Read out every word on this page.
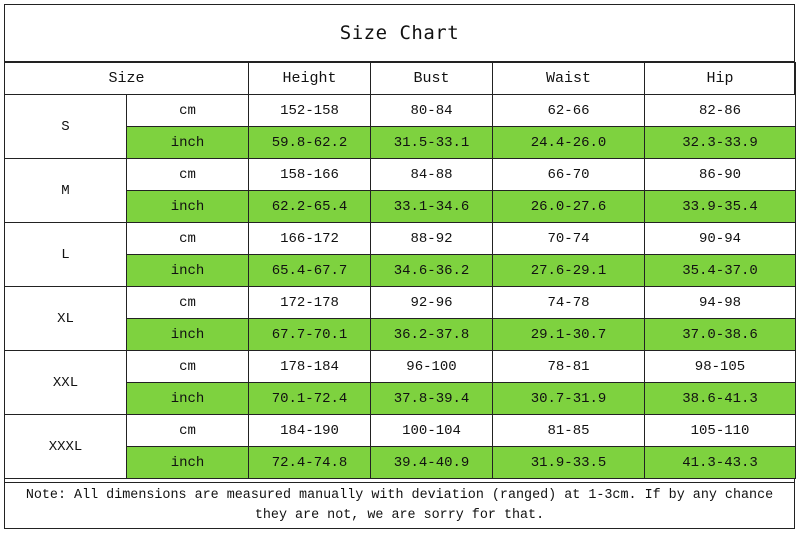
Size Chart
Size		Height	Bust	Waist	Hip
S	cm	152-158	80-84	62-66	82-86
	inch	59.8-62.2	31.5-33.1	24.4-26.0	32.3-33.9
M	cm	158-166	84-88	66-70	86-90
	inch	62.2-65.4	33.1-34.6	26.0-27.6	33.9-35.4
L	cm	166-172	88-92	70-74	90-94
	inch	65.4-67.7	34.6-36.2	27.6-29.1	35.4-37.0
XL	cm	172-178	92-96	74-78	94-98
	inch	67.7-70.1	36.2-37.8	29.1-30.7	37.0-38.6
XXL	cm	178-184	96-100	78-81	98-105
	inch	70.1-72.4	37.8-39.4	30.7-31.9	38.6-41.3
XXXL	cm	184-190	100-104	81-85	105-110
	inch	72.4-74.8	39.4-40.9	31.9-33.5	41.3-43.3
Note: All dimensions are measured manually with deviation (ranged) at 1-3cm. If by any chance they are not, we are sorry for that.
